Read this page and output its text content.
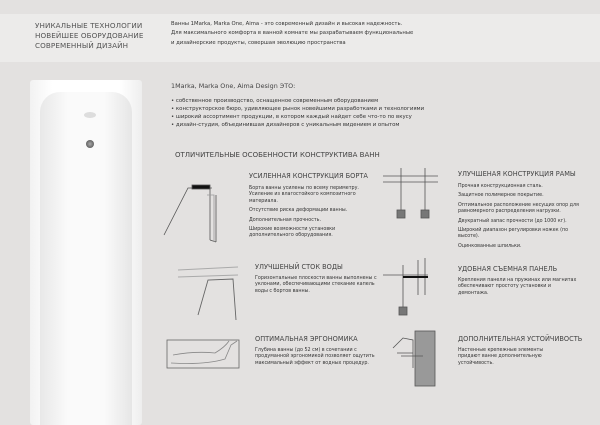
УНИКАЛЬНЫЕ ТЕХНОЛОГИИ
НОВЕЙШЕЕ ОБОРУДОВАНИЕ
СОВРЕМЕННЫЙ ДИЗАЙН
Ванны 1Marka, Marka One, Aima - это современный дизайн и высокая надежность.
Для максимального комфорта в ванной комнате мы разрабатываем функциональные
и дизайнерские продукты, совершая эволюцию пространства
1Marka, Marka One, Aima Design ЭТО:
• собственное производство, оснащенное современным оборудованием
• конструкторское бюро, удивляющее рынок новейшими разработками и технологиями
• широкий ассортимент продукции, в котором каждый найдет себе что-то по вкусу
• дизайн-студия, объединившая дизайнеров с уникальным видением и опытом
ОТЛИЧИТЕЛЬНЫЕ ОСОБЕННОСТИ КОНСТРУКТИВА ВАНН
УСИЛЕННАЯ КОНСТРУКЦИЯ БОРТА

Борта ванны усилены по всему периметру. Усиление из влагостойкого композитного материала.

Отсутствие риска деформации ванны.

Дополнительная прочность.

Широкие возможности установки дополнительного оборудования.

УЛУЧШЕНЫЙ СТОК ВОДЫ

Горизонтальные плоскости ванны выполнены с уклонами, обеспечивающими стекание капель воды с бортов ванны.

ОПТИМАЛЬНАЯ ЭРГОНОМИКА

Глубина ванны (до 52 см) в сочетании с продуманной эргономикой позволяет ощутить максимальный эффект от водных процедур.

УЛУЧШЕНАЯ КОНСТРУКЦИЯ РАМЫ

Прочная конструкционная сталь.

Защитное полимерное покрытие.

Оптимальное расположение несущих опор для равномерного распределения нагрузки.

Двукратный запас прочности (до 1000 кг).

Широкий диапазон регулировки ножек (по высоте).

Оцинкованные шпильки.

УДОБНАЯ СЪЕМНАЯ ПАНЕЛЬ

Крепления панели на пружинах или магнитах обеспечивают простоту установки и демонтажа.

ДОПОЛНИТЕЛЬНАЯ УСТОЙЧИВОСТЬ

Настенные крепежные элементы придают ванне дополнительную устойчивость.
